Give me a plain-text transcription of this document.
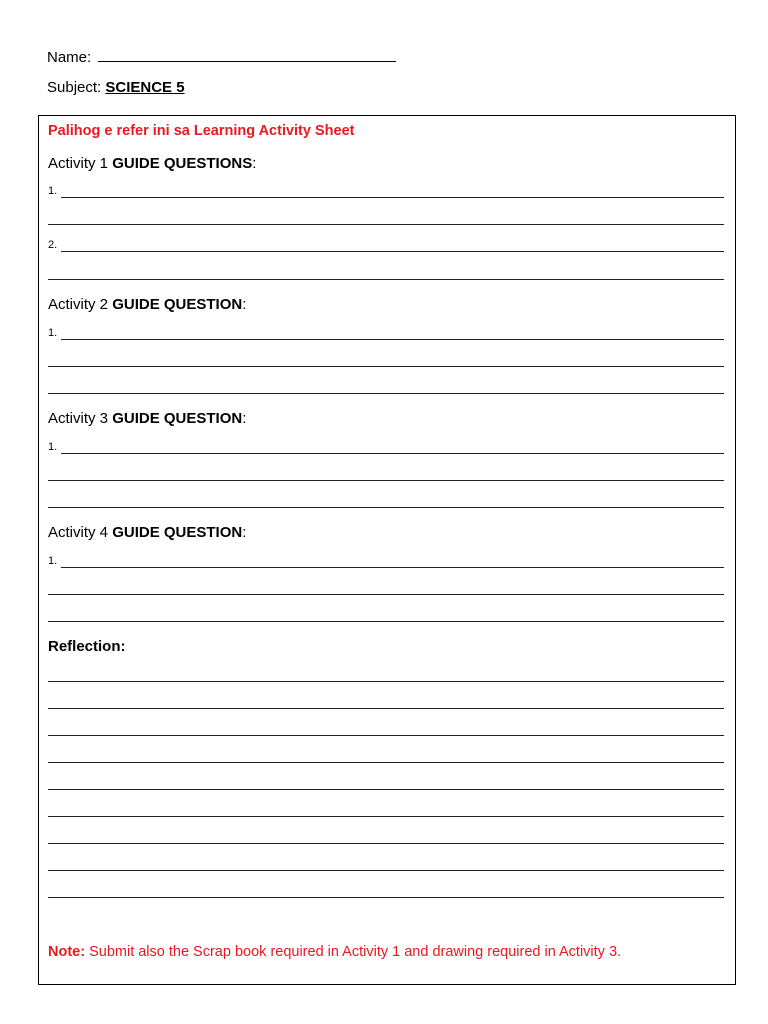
Name:
Subject: SCIENCE 5
Palihog e refer ini sa Learning Activity Sheet
Activity 1 GUIDE QUESTIONS:
1.
2.
Activity 2 GUIDE QUESTION:
1.
Activity 3 GUIDE QUESTION:
1.
Activity 4 GUIDE QUESTION:
1.
Reflection:
Note: Submit also the Scrap book required in Activity 1 and drawing required in Activity 3.
